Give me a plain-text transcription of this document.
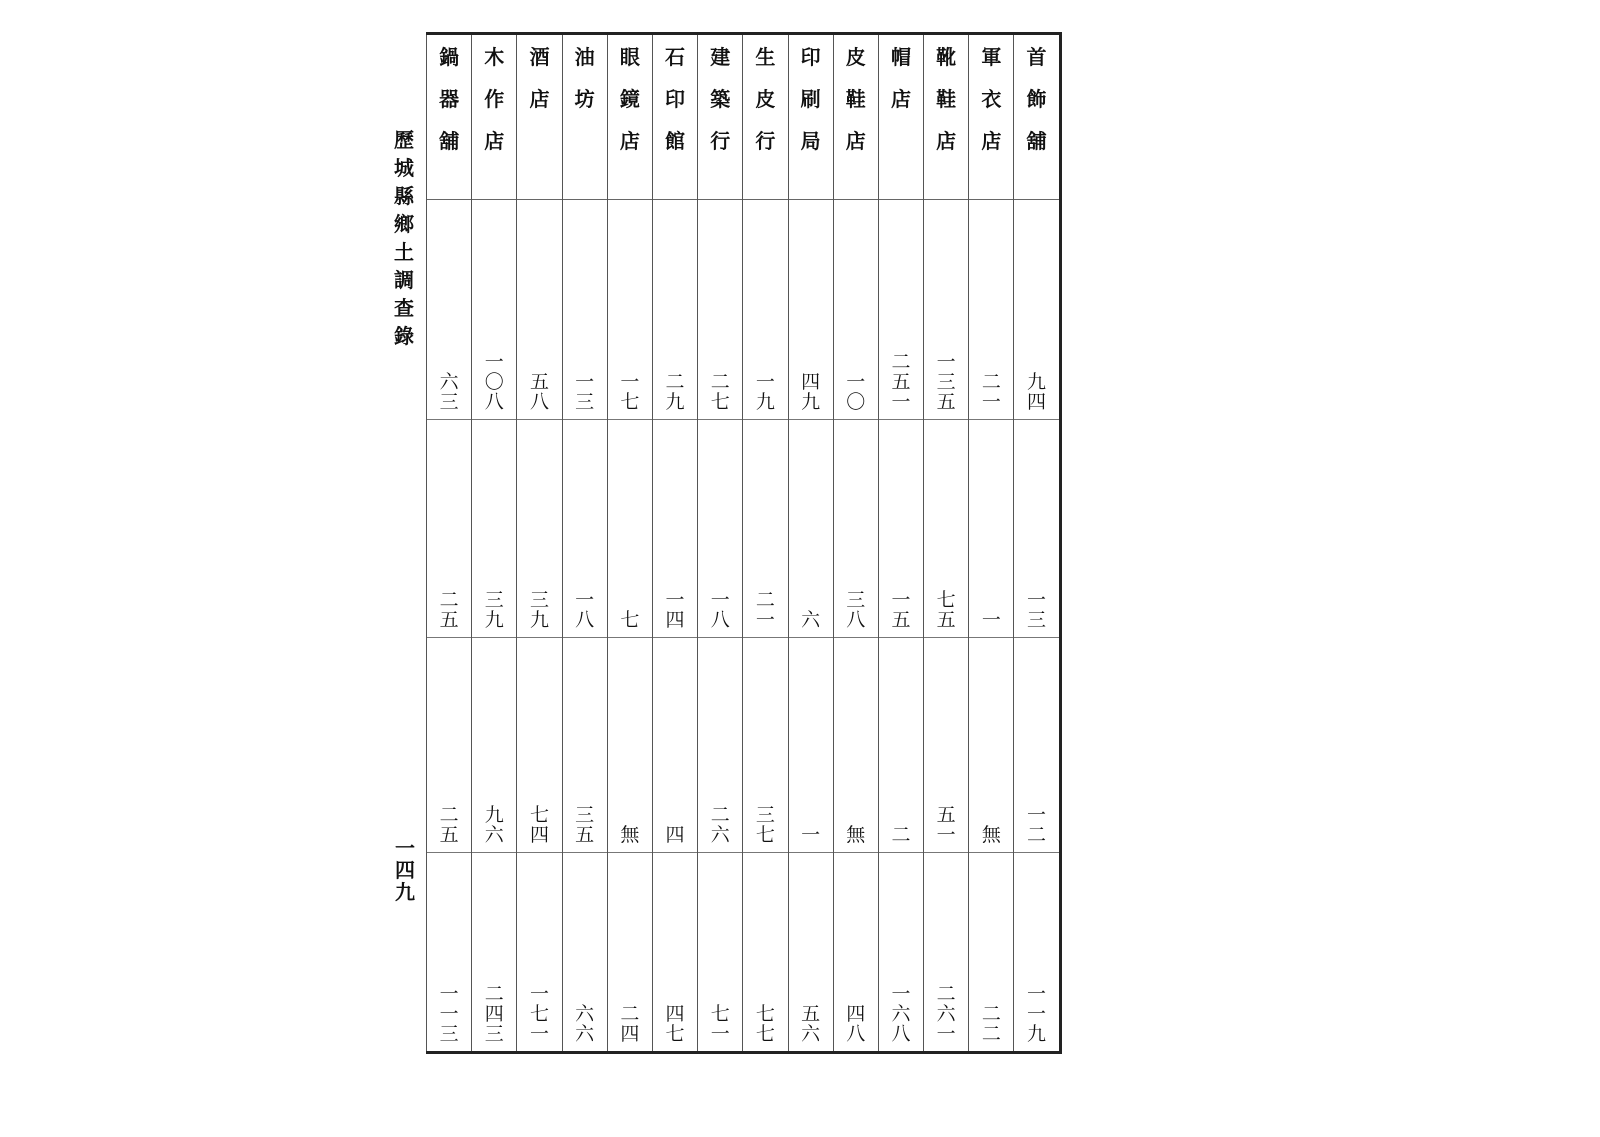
歷
城
縣
鄉
土
調
查
錄
一
四
九
鍋
器
舖
六
三
二
五
二
五
一
一
三
木
作
店
一
〇
八
三
九
九
六
二
四
三
酒
店
五
八
三
九
七
四
一
七
一
油
坊
一
三
一
八
三
五
六
六
眼
鏡
店
一
七
七
無
二
四
石
印
館
二
九
一
四
四
四
七
建
築
行
二
七
一
八
二
六
七
一
生
皮
行
一
九
二
一
三
七
七
七
印
刷
局
四
九
六
一
五
六
皮
鞋
店
一
〇
三
八
無
四
八
帽
店
二
五
一
一
五
二
一
六
八
靴
鞋
店
一
三
五
七
五
五
一
二
六
一
軍
衣
店
二
一
一
無
二
二
首
飾
舖
九
四
一
三
一
二
一
一
九
